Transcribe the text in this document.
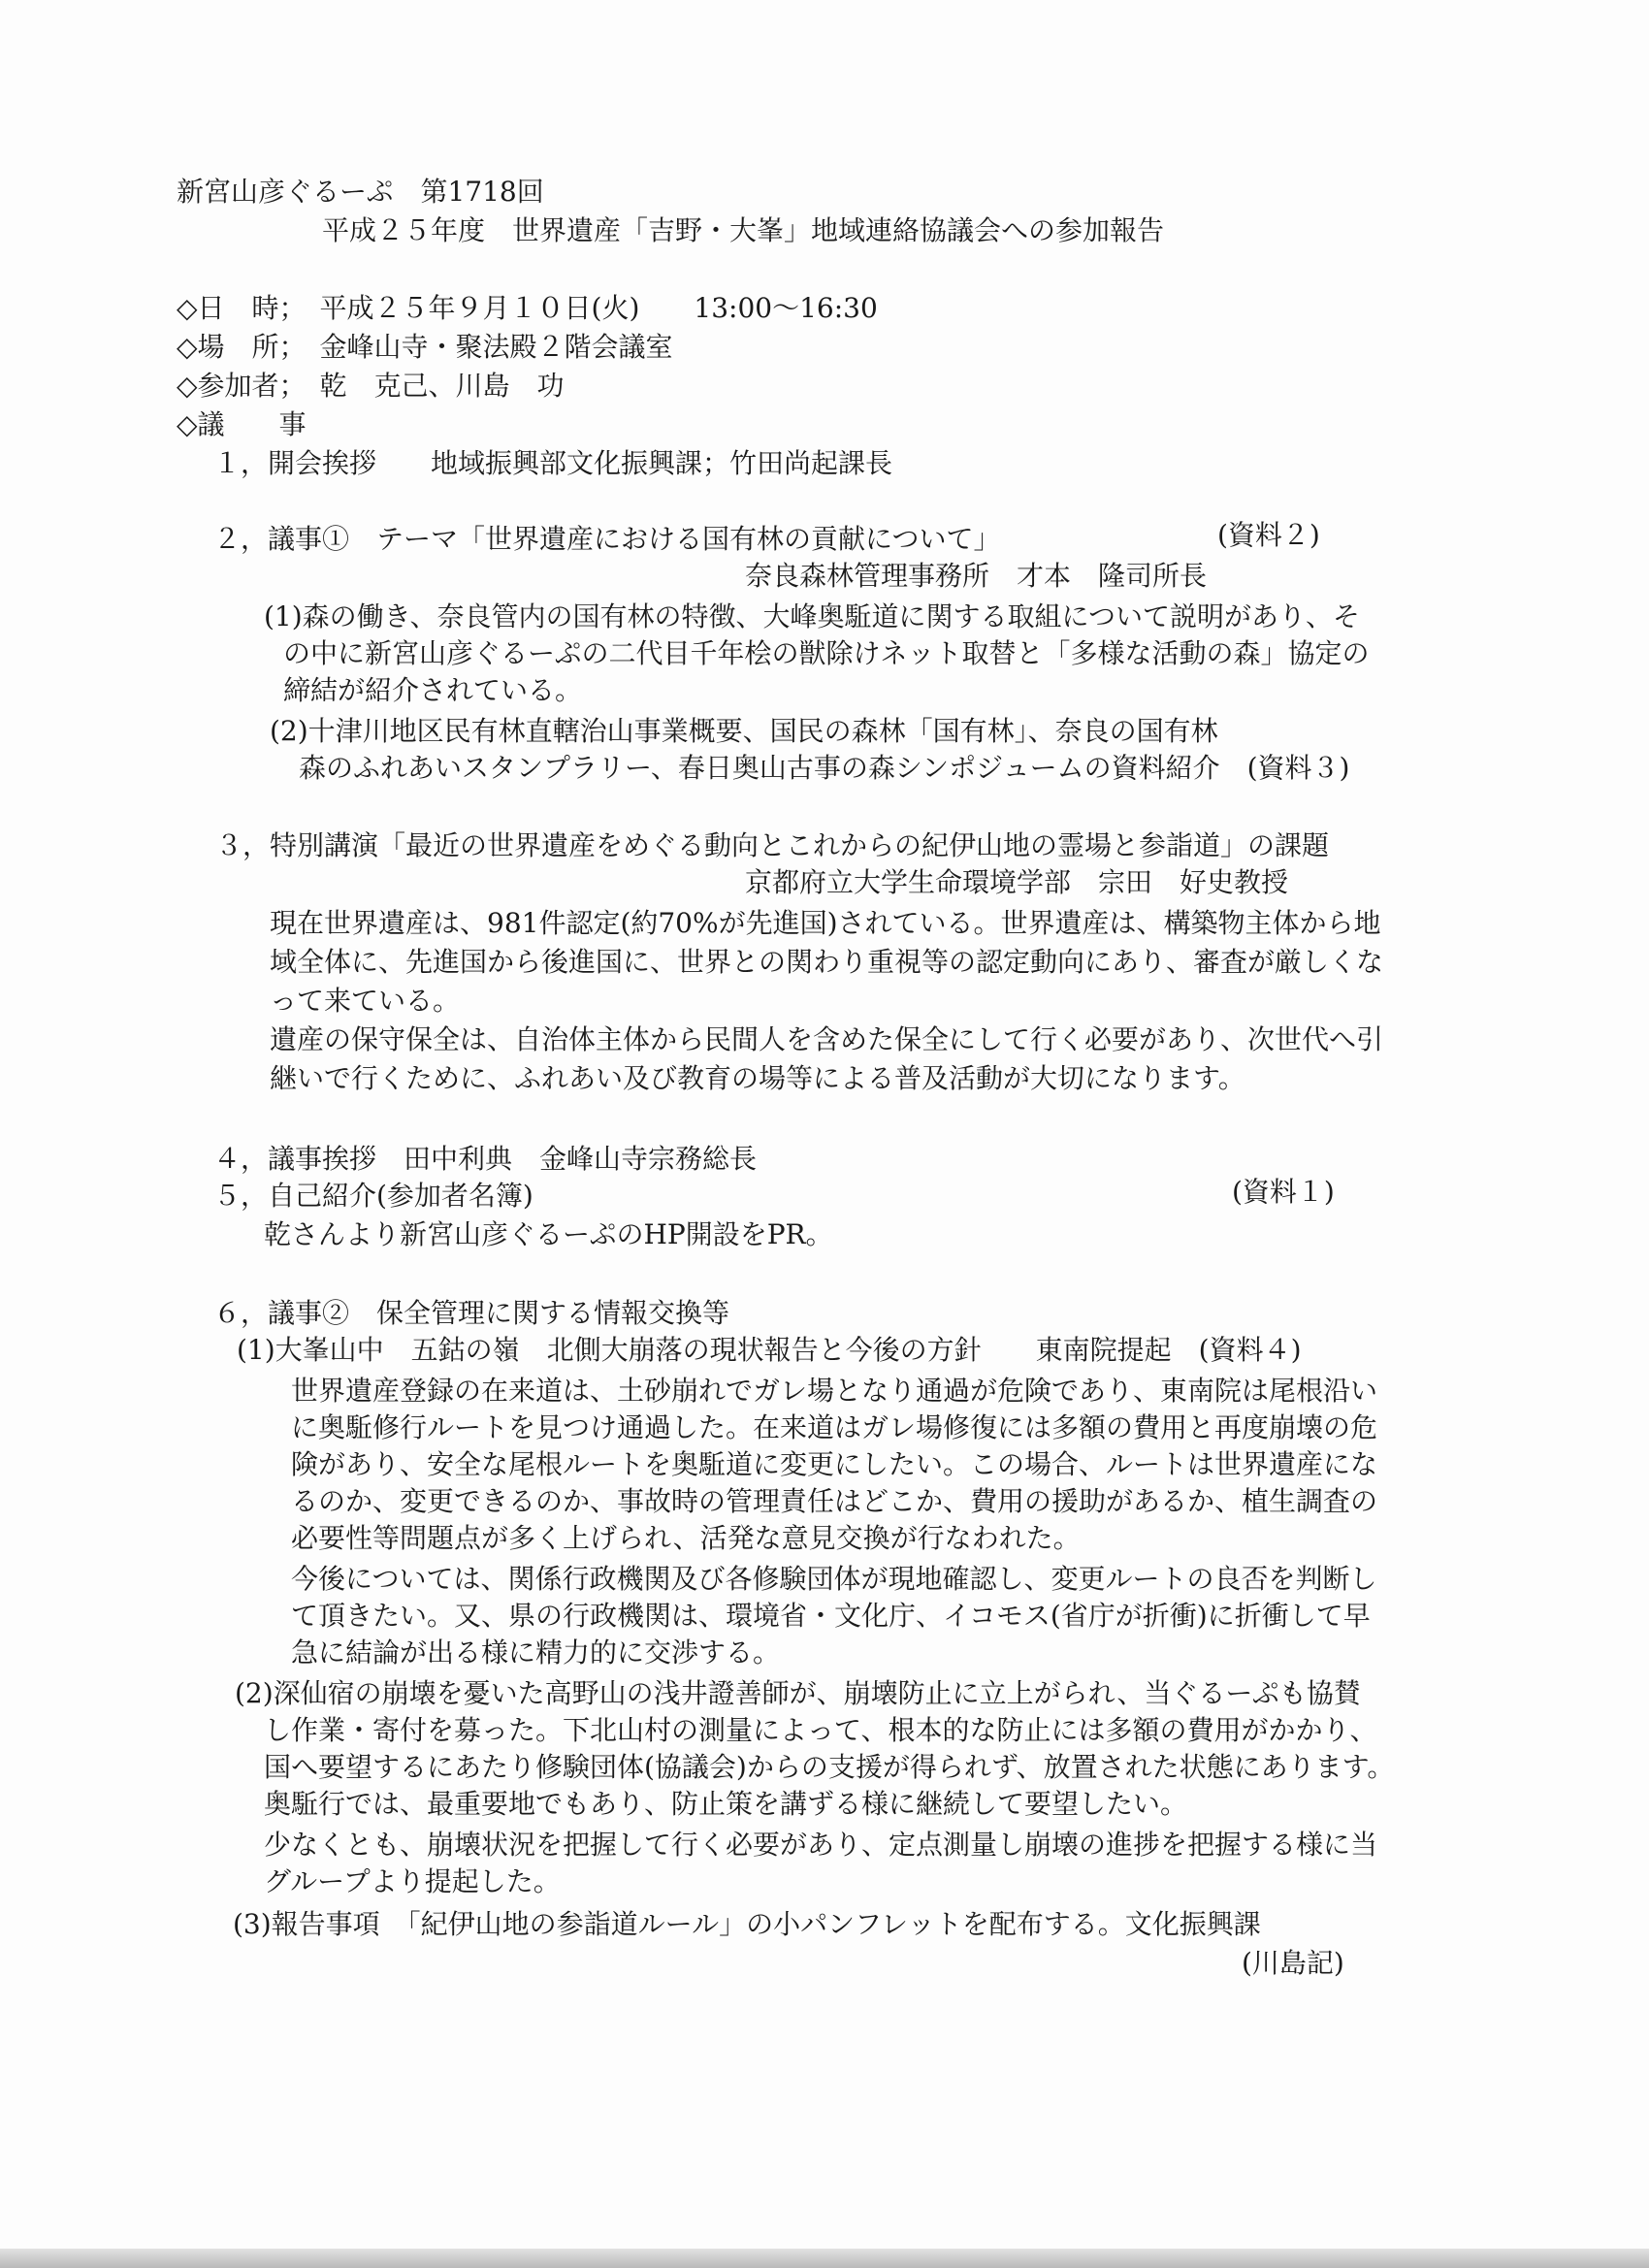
新宮山彦ぐるーぷ　第1718回
平成２５年度　世界遺産「吉野・大峯」地域連絡協議会への参加報告
◇日　時；　平成２５年９月１０日(火)　　13:00～16:30
◇場　所；　金峰山寺・聚法殿２階会議室
◇参加者；　乾　克己、川島　功
◇議　　事
１，開会挨拶　　地域振興部文化振興課；竹田尚起課長
２，議事①　テーマ「世界遺産における国有林の貢献について」	(資料２)
奈良森林管理事務所　才本　隆司所長
(1)森の働き、奈良管内の国有林の特徴、大峰奥駈道に関する取組について説明があり、そ
の中に新宮山彦ぐるーぷの二代目千年桧の獣除けネット取替と「多様な活動の森」協定の
締結が紹介されている。
(2)十津川地区民有林直轄治山事業概要、国民の森林「国有林」、奈良の国有林
森のふれあいスタンプラリー、春日奥山古事の森シンポジュームの資料紹介　(資料３)
３，特別講演「最近の世界遺産をめぐる動向とこれからの紀伊山地の霊場と参詣道」の課題
京都府立大学生命環境学部　宗田　好史教授
現在世界遺産は、981件認定(約70%が先進国)されている。世界遺産は、構築物主体から地
域全体に、先進国から後進国に、世界との関わり重視等の認定動向にあり、審査が厳しくな
って来ている。
遺産の保守保全は、自治体主体から民間人を含めた保全にして行く必要があり、次世代へ引
継いで行くために、ふれあい及び教育の場等による普及活動が大切になります。
４，議事挨拶　田中利典　金峰山寺宗務総長
５，自己紹介(参加者名簿)	(資料１)
乾さんより新宮山彦ぐるーぷのHP開設をPR。
６，議事②　保全管理に関する情報交換等
(1)大峯山中　五鈷の嶺　北側大崩落の現状報告と今後の方針　　東南院提起　(資料４)
世界遺産登録の在来道は、土砂崩れでガレ場となり通過が危険であり、東南院は尾根沿い
に奥駈修行ルートを見つけ通過した。在来道はガレ場修復には多額の費用と再度崩壊の危
険があり、安全な尾根ルートを奥駈道に変更にしたい。この場合、ルートは世界遺産にな
るのか、変更できるのか、事故時の管理責任はどこか、費用の援助があるか、植生調査の
必要性等問題点が多く上げられ、活発な意見交換が行なわれた。
今後については、関係行政機関及び各修験団体が現地確認し、変更ルートの良否を判断し
て頂きたい。又、県の行政機関は、環境省・文化庁、イコモス(省庁が折衝)に折衝して早
急に結論が出る様に精力的に交渉する。
(2)深仙宿の崩壊を憂いた高野山の浅井證善師が、崩壊防止に立上がられ、当ぐるーぷも協賛
し作業・寄付を募った。下北山村の測量によって、根本的な防止には多額の費用がかかり、
国へ要望するにあたり修験団体(協議会)からの支援が得られず、放置された状態にあります。
奥駈行では、最重要地でもあり、防止策を講ずる様に継続して要望したい。
少なくとも、崩壊状況を把握して行く必要があり、定点測量し崩壊の進捗を把握する様に当
グループより提起した。
(3)報告事項　「紀伊山地の参詣道ルール」の小パンフレットを配布する。文化振興課
(川島記)
